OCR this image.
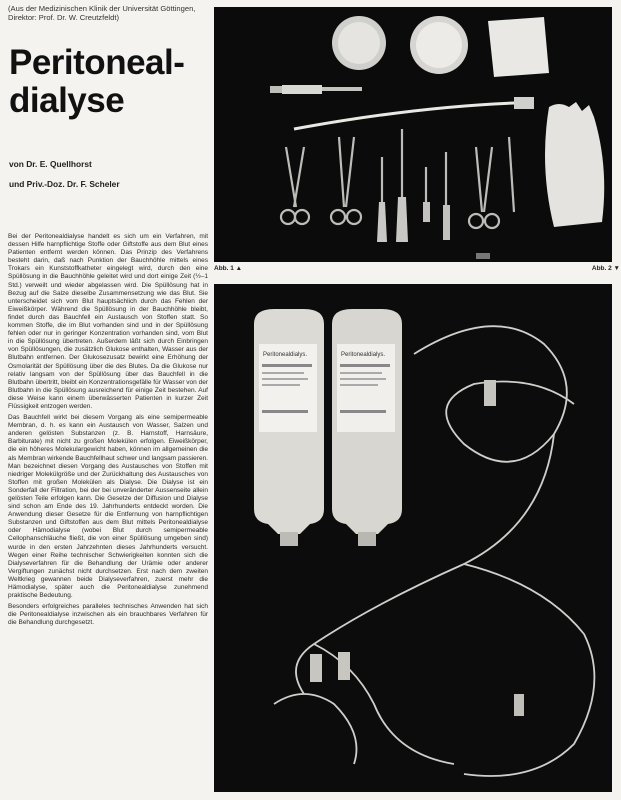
(Aus der Medizinischen Klinik der Universität Göttingen, Direktor: Prof. Dr. W. Creutzfeldt)
Peritoneal-
dialyse
von Dr. E. Quellhorst
und Priv.-Doz. Dr. F. Scheler

Bei der Peritonealdialyse handelt es sich um ein Verfahren, mit dessen Hilfe harnpflichtige Stoffe oder Giftstoffe aus dem Blut eines Patienten entfernt werden können. Das Prinzip des Verfahrens besteht darin, daß nach Punktion der Bauchhöhle mittels eines Trokars ein Kunststoffkatheter eingelegt wird, durch den eine Spüllösung in die Bauchhöhle geleitet wird und dort einige Zeit (½–1 Std.) verweilt und wieder abgelassen wird. Die Spüllösung hat in Bezug auf die Salze dieselbe Zusammensetzung wie das Blut. Sie unterscheidet sich vom Blut hauptsächlich durch das Fehlen der Eiweißkörper. Während die Spüllösung in der Bauchhöhle bleibt, findet durch das Bauchfell ein Austausch von Stoffen statt. So kommen Stoffe, die im Blut vorhanden sind und in der Spüllösung fehlen oder nur in geringer Konzentration vorhanden sind, vom Blut in die Spüllösung übertreten. Außerdem läßt sich durch Einbringen von Spüllösungen, die zusätzlich Glukose enthalten, Wasser aus der Blutbahn entfernen. Der Glukosezusatz bewirkt eine Erhöhung der Osmolarität der Spüllösung über die des Blutes. Da die Glukose nur relativ langsam von der Spüllösung über das Bauchfell in die Blutbahn übertritt, bleibt ein Konzentrationsgefälle für Wasser von der Blutbahn in die Spüllösung ausreichend für einige Zeit bestehen. Auf diese Weise kann einem überwässerten Patienten in kurzer Zeit Flüssigkeit entzogen werden.

Das Bauchfell wirkt bei diesem Vorgang als eine semipermeable Membran, d. h. es kann ein Austausch von Wasser, Salzen und anderen gelösten Substanzen (z. B. Harnstoff, Harnsäure, Barbiturate) mit nicht zu großen Molekülen erfolgen. Eiweißkörper, die ein höheres Molekulargewicht haben, können im allgemeinen die als Membran wirkende Bauchfellhaut schwer und langsam passieren. Man bezeichnet diesen Vorgang des Austausches von Stoffen mit niedriger Molekülgröße und der Zurückhaltung des Austausches von Stoffen mit großen Molekülen als Dialyse. Die Dialyse ist ein Sonderfall der Filtration, bei der bei unveränderter Aussenseite allein gelösten Teile erfolgen kann. Die Gesetze der Diffusion und Dialyse sind schon am Ende des 19. Jahrhunderts entdeckt worden. Die Anwendung dieser Gesetze für die Entfernung von harnpflichtigen Substanzen und Giftstoffen aus dem Blut mittels Peritonealdialyse oder Hämodialyse (wobei Blut durch semipermeable Cellophanschläuche fließt, die von einer Spüllösung umgeben sind) wurde in den ersten Jahrzehnten dieses Jahrhunderts versucht. Wegen einer Reihe technischer Schwierigkeiten konnten sich die Dialyseverfahren für die Behandlung der Urämie oder anderer Vergiftungen zunächst nicht durchsetzen. Erst nach dem zweiten Weltkrieg gewannen beide Dialyseverfahren, zuerst mehr die Hämodialyse, später auch die Peritonealdialyse zunehmend praktische Bedeutung.

Besonders erfolgreiches paralleles technisches Anwenden hat sich die Peritonealdialyse inzwischen als ein brauchbares Verfahren für die Behandlung durchgesetzt.

Abb. 1 ▲	Abb. 2 ▼
Peritonealdialys.	Peritonealdialys.
